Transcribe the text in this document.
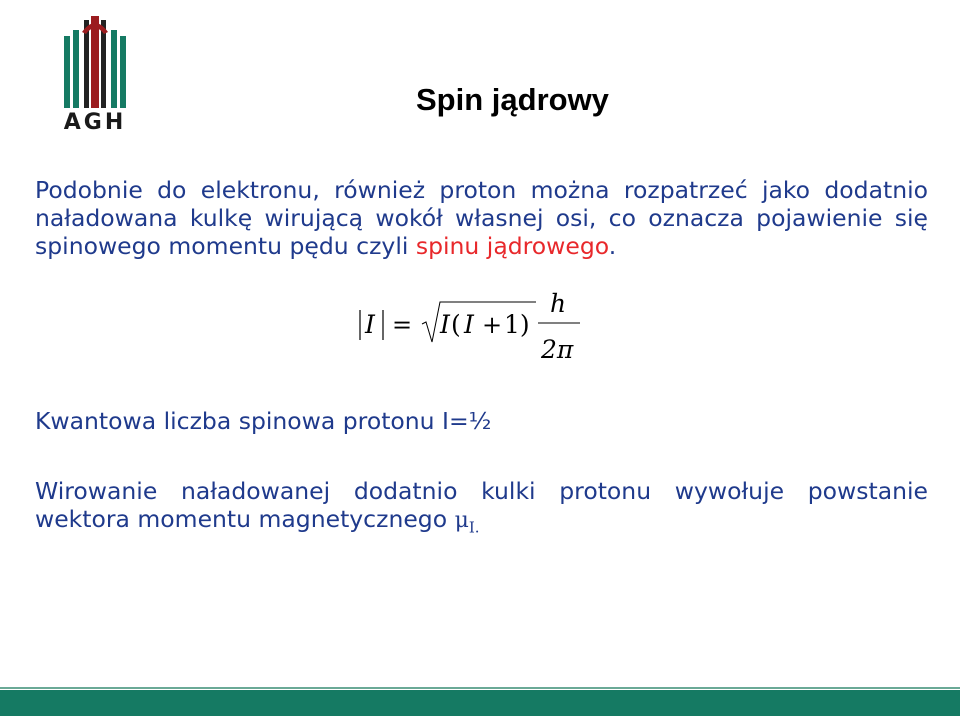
AGH
Spin jądrowy
Podobnie do elektronu, również proton można rozpatrzeć jako dodatnio naładowana kulkę wirującą wokół własnej osi, co oznacza pojawienie się spinowego momentu pędu czyli spinu jądrowego.
I = I ( I + 1)
h
2π
Kwantowa liczba spinowa protonu I=½
Wirowanie naładowanej dodatnio kulki protonu wywołuje powstanie wektora momentu magnetycznego $\mu_{I.}$
